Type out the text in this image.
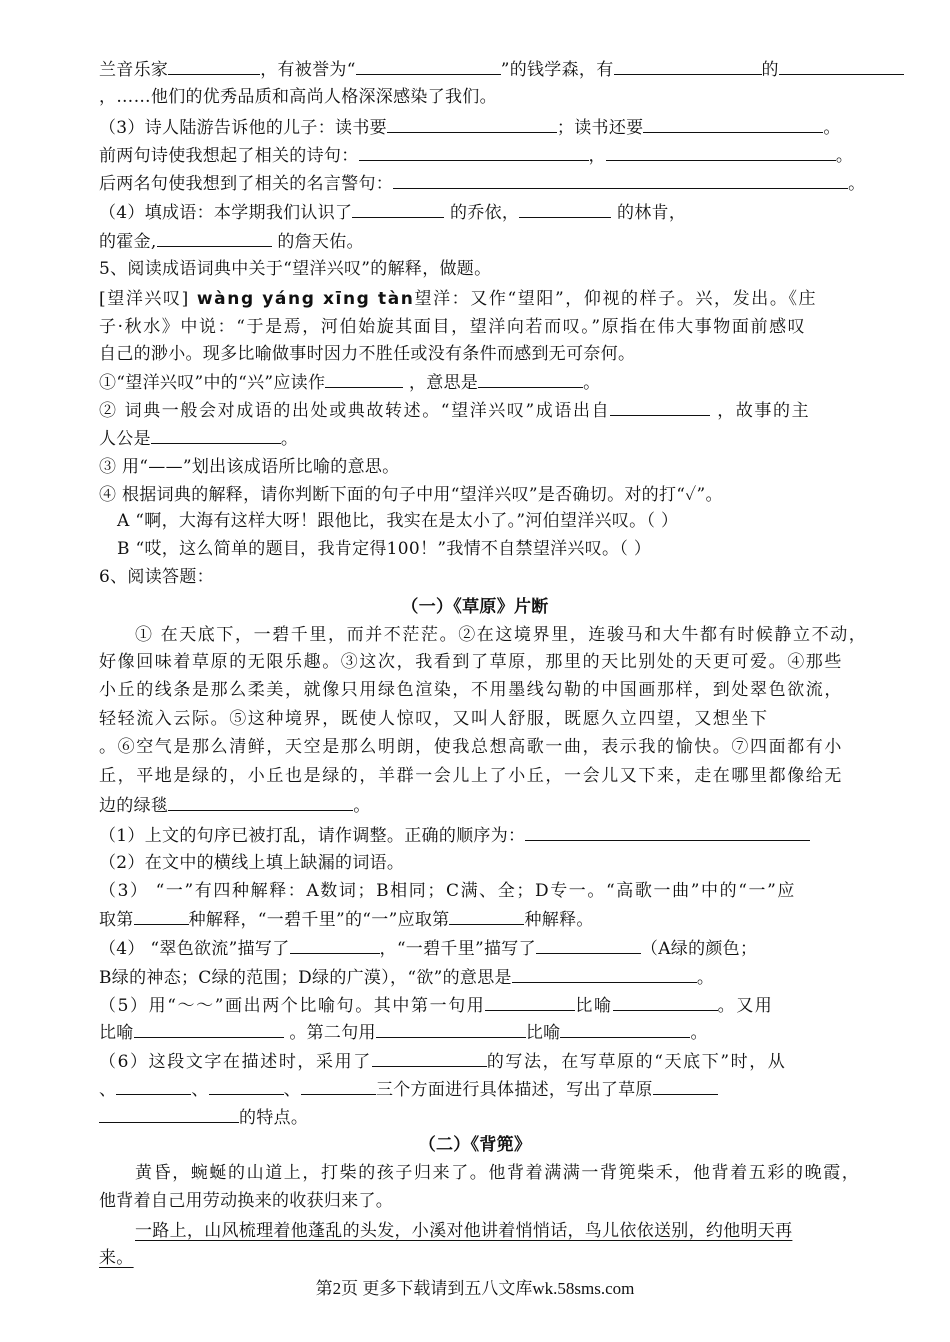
兰音乐家	，有被誉为“	”的钱学森，有	的
，……他们的优秀品质和高尚人格深深感染了我们。
（3）诗人陆游告诉他的儿子：读书要	；读书还要	。
前两句诗使我想起了相关的诗句：	，	。
后两名句使我想到了相关的名言警句：	。
（4）填成语：本学期我们认识了	的乔依，	的林肯，
的霍金,	的詹天佑。
5、阅读成语词典中关于“望洋兴叹”的解释，做题。
[望洋兴叹] wàng yáng xīng tàn望洋：又作“望阳”，仰视的样子。兴，发出。《庄
子·秋水》中说：“于是焉，河伯始旋其面目，望洋向若而叹。”原指在伟大事物面前感叹
自己的渺小。现多比喻做事时因力不胜任或没有条件而感到无可奈何。
①“望洋兴叹”中的“兴”应读作	，意思是	。
② 词典一般会对成语的出处或典故转述。“望洋兴叹”成语出自	，故事的主
人公是	。
③ 用“——”划出该成语所比喻的意思。
④ 根据词典的解释，请你判断下面的句子中用“望洋兴叹”是否确切。对的打“✓”。
A “啊，大海有这样大呀！跟他比，我实在是太小了。”河伯望洋兴叹。（ ）
B “哎，这么简单的题目，我肯定得100！”我情不自禁望洋兴叹。（ ）
6、阅读答题：
（一）《草原》片断
① 在天底下，一碧千里，而并不茫茫。②在这境界里，连骏马和大牛都有时候静立不动，
好像回味着草原的无限乐趣。③这次，我看到了草原，那里的天比别处的天更可爱。④那些
小丘的线条是那么柔美，就像只用绿色渲染，不用墨线勾勒的中国画那样，到处翠色欲流，
轻轻流入云际。⑤这种境界，既使人惊叹，又叫人舒服，既愿久立四望，又想坐下
。⑥空气是那么清鲜，天空是那么明朗，使我总想高歌一曲，表示我的愉快。⑦四面都有小
丘，平地是绿的，小丘也是绿的，羊群一会儿上了小丘，一会儿又下来，走在哪里都像给无
边的绿毯	。
（1）上文的句序已被打乱，请作调整。正确的顺序为：
（2）在文中的横线上填上缺漏的词语。
（3） “一”有四种解释：A数词；B相同；C满、全；D专一。“高歌一曲”中的“一”应
取第	种解释，“一碧千里”的“一”应取第	种解释。
（4） “翠色欲流”描写了	，“一碧千里”描写了	（A绿的颜色；
B绿的神态；C绿的范围；D绿的广漠），“欲”的意思是	。
（5）用“～～”画出两个比喻句。其中第一句用	比喻	。又用
比喻	。第二句用	比喻	。
（6）这段文字在描述时，采用了	的写法，在写草原的“天底下”时，从
、	、	、	三个方面进行具体描述，写出了草原
的特点。
（二）《背篼》
黄昏，蜿蜒的山道上，打柴的孩子归来了。他背着满满一背篼柴禾，他背着五彩的晚霞，
他背着自己用劳动换来的收获归来了。
一路上，山风梳理着他蓬乱的头发，小溪对他讲着悄悄话，鸟儿依依送别，约他明天再
来。
第2页 更多下载请到五八文库wk.58sms.com
